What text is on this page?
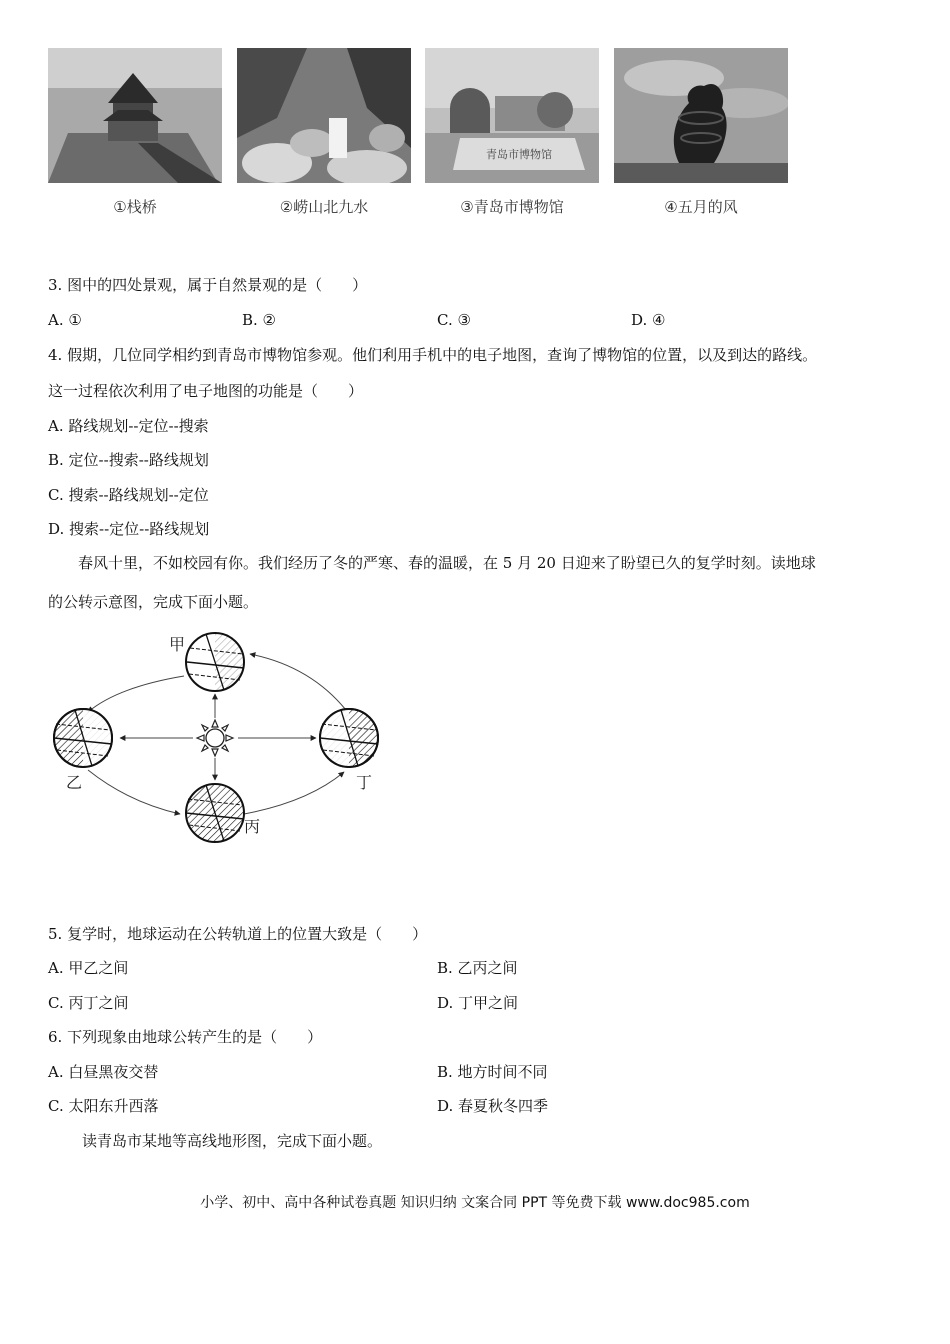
青岛市博物馆
①栈桥	②崂山北九水	③青岛市博物馆	④五月的风
3. 图中的四处景观，属于自然景观的是（　　）
A. ①	B. ②	C. ③	D. ④
4. 假期，几位同学相约到青岛市博物馆参观。他们利用手机中的电子地图，查询了博物馆的位置，以及到达的路线。
这一过程依次利用了电子地图的功能是（　　）
A. 路线规划--定位--搜索
B. 定位--搜索--路线规划
C. 搜索--路线规划--定位
D. 搜索--定位--路线规划
春风十里，不如校园有你。我们经历了冬的严寒、春的温暖，在 5 月 20 日迎来了盼望已久的复学时刻。读地球
的公转示意图，完成下面小题。
甲
乙
丙
丁
5. 复学时，地球运动在公转轨道上的位置大致是（　　）
A. 甲乙之间	B. 乙丙之间
C. 丙丁之间	D. 丁甲之间
6. 下列现象由地球公转产生的是（　　）
A. 白昼黑夜交替	B. 地方时间不同
C. 太阳东升西落	D. 春夏秋冬四季
读青岛市某地等高线地形图，完成下面小题。
小学、初中、高中各种试卷真题 知识归纳 文案合同 PPT 等免费下载 www.doc985.com
